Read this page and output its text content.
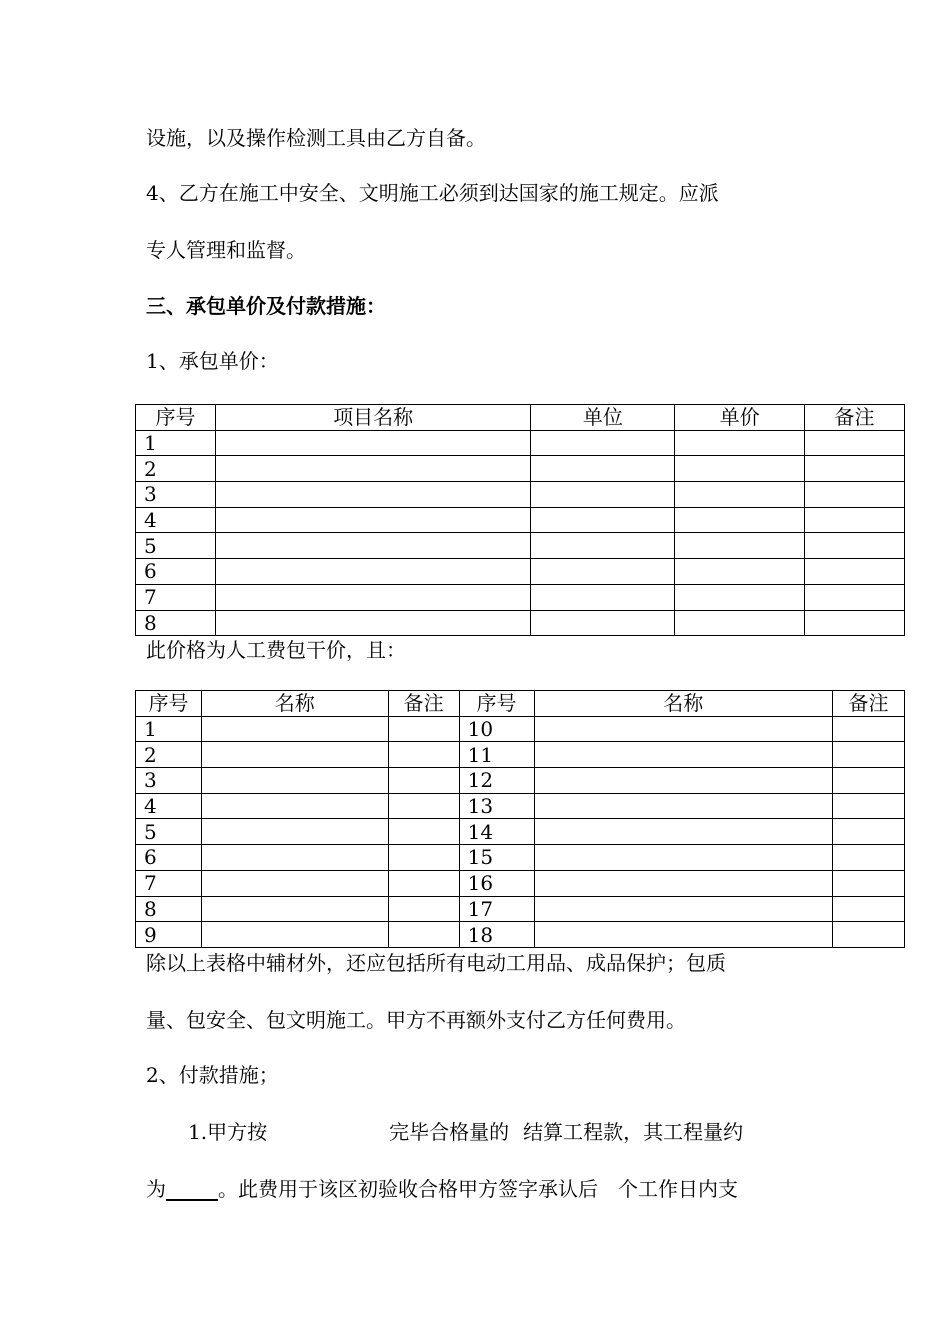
设施，以及操作检测工具由乙方自备。
4、乙方在施工中安全、文明施工必须到达国家的施工规定。应派
专人管理和监督。
三、承包单价及付款措施：
1、承包单价：
序号	项目名称	单位	单价	备注
1				
2				
3				
4				
5				
6				
7				
8				
此价格为人工费包干价，且：
序号	名称	备注	序号	名称	备注
1			10		
2			11		
3			12		
4			13		
5			14		
6			15		
7			16		
8			17		
9			18		
除以上表格中辅材外，还应包括所有电动工用品、成品保护；包质
量、包安全、包文明施工。甲方不再额外支付乙方任何费用。
2、付款措施；
1.甲方按	完毕合格量的 结算工程款，其工程量约
为	。此费用于该区初验收合格甲方签字承认后 个工作日内支
